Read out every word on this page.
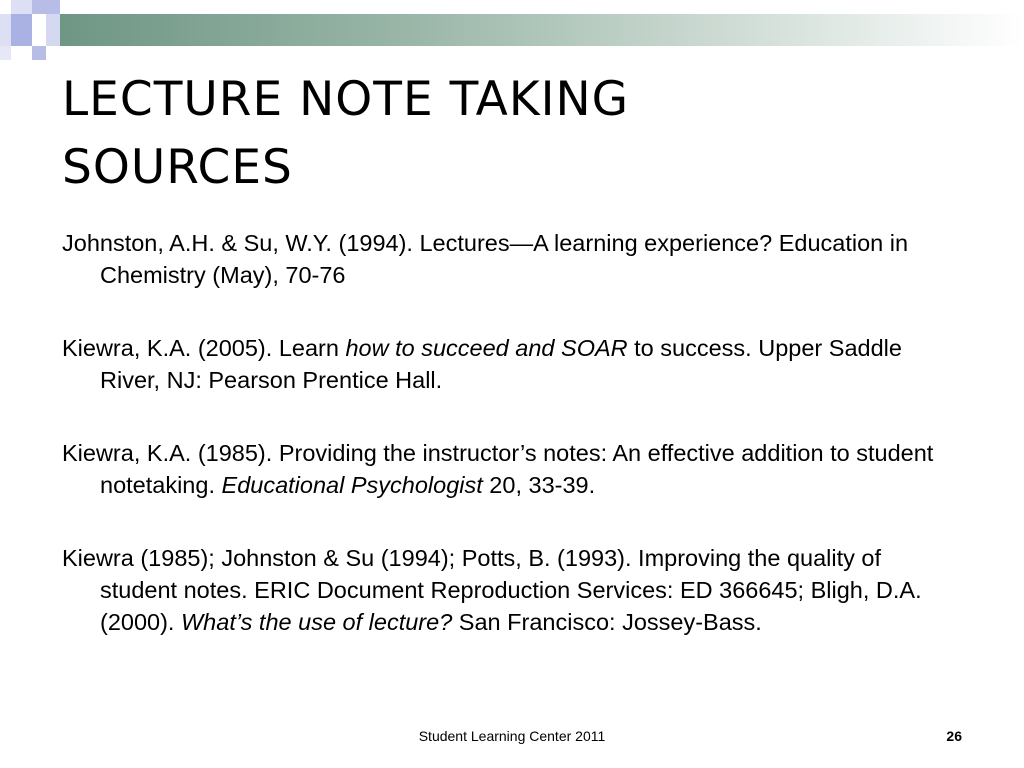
LECTURE NOTE TAKING
SOURCES
Johnston, A.H. & Su, W.Y. (1994). Lectures—A learning experience? Education in Chemistry (May), 70-76
Kiewra, K.A. (2005). Learn how to succeed and SOAR to success. Upper Saddle River, NJ: Pearson Prentice Hall.
Kiewra, K.A. (1985). Providing the instructor’s notes: An effective addition to student notetaking. Educational Psychologist 20, 33-39.
Kiewra (1985); Johnston & Su (1994); Potts, B. (1993). Improving the quality of student notes. ERIC Document Reproduction Services: ED 366645; Bligh, D.A. (2000). What’s the use of lecture? San Francisco: Jossey-Bass.
Student Learning Center 2011	26
